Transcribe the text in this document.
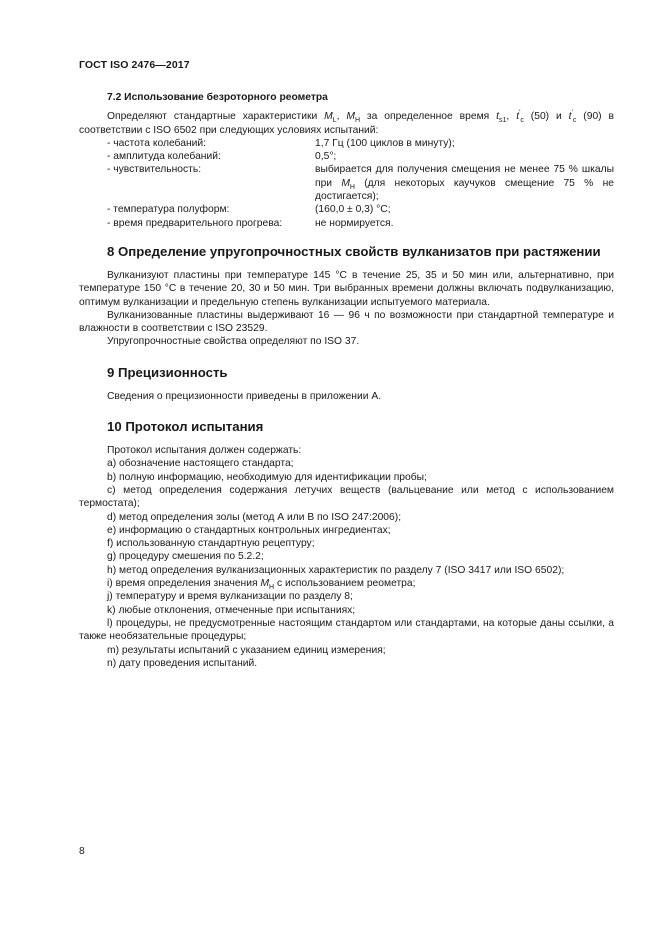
ГОСТ ISO 2476—2017
7.2 Использование безроторного реометра

Определяют стандартные характеристики $M_L$, $M_H$ за определенное время $t_{s1}$, $t'_c$ (50) и $t'_c$ (90) в соответствии с ISO 6502 при следующих условиях испытаний:

- частота колебаний:	1,7 Гц (100 циклов в минуту);
- амплитуда колебаний:	0,5°;
- чувствительность:	выбирается для получения смещения не менее 75 % шкалы при $M_H$ (для некоторых каучуков смещение 75 % не достигается);
- температура полуформ:	(160,0 ± 0,3) °С;
- время предварительного прогрева:	не нормируется.
8 Определение упругопрочностных свойств вулканизатов при растяжении

Вулканизуют пластины при температуре 145 °С в течение 25, 35 и 50 мин или, альтернативно, при температуре 150 °С в течение 20, 30 и 50 мин. Три выбранных времени должны включать подвулканизацию, оптимум вулканизации и предельную степень вулканизации испытуемого материала.

Вулканизованные пластины выдерживают 16 — 96 ч по возможности при стандартной температуре и влажности в соответствии с ISO 23529.

Упругопрочностные свойства определяют по ISO 37.

9 Прецизионность

Сведения о прецизионности приведены в приложении А.

10 Протокол испытания

Протокол испытания должен содержать:

а) обозначение настоящего стандарта;

b) полную информацию, необходимую для идентификации пробы;

с) метод определения содержания летучих веществ (вальцевание или метод с использованием термостата);

d) метод определения золы (метод А или В по ISO 247:2006);

е) информацию о стандартных контрольных ингредиентах;

f) использованную стандартную рецептуру;

g) процедуру смешения по 5.2.2;

h) метод определения вулканизационных характеристик по разделу 7 (ISO 3417 или ISO 6502);

i) время определения значения $M_H$ с использованием реометра;

j) температуру и время вулканизации по разделу 8;

k) любые отклонения, отмеченные при испытаниях;

l) процедуры, не предусмотренные настоящим стандартом или стандартами, на которые даны ссылки, а также необязательные процедуры;

m) результаты испытаний с указанием единиц измерения;

n) дату проведения испытаний.

8
